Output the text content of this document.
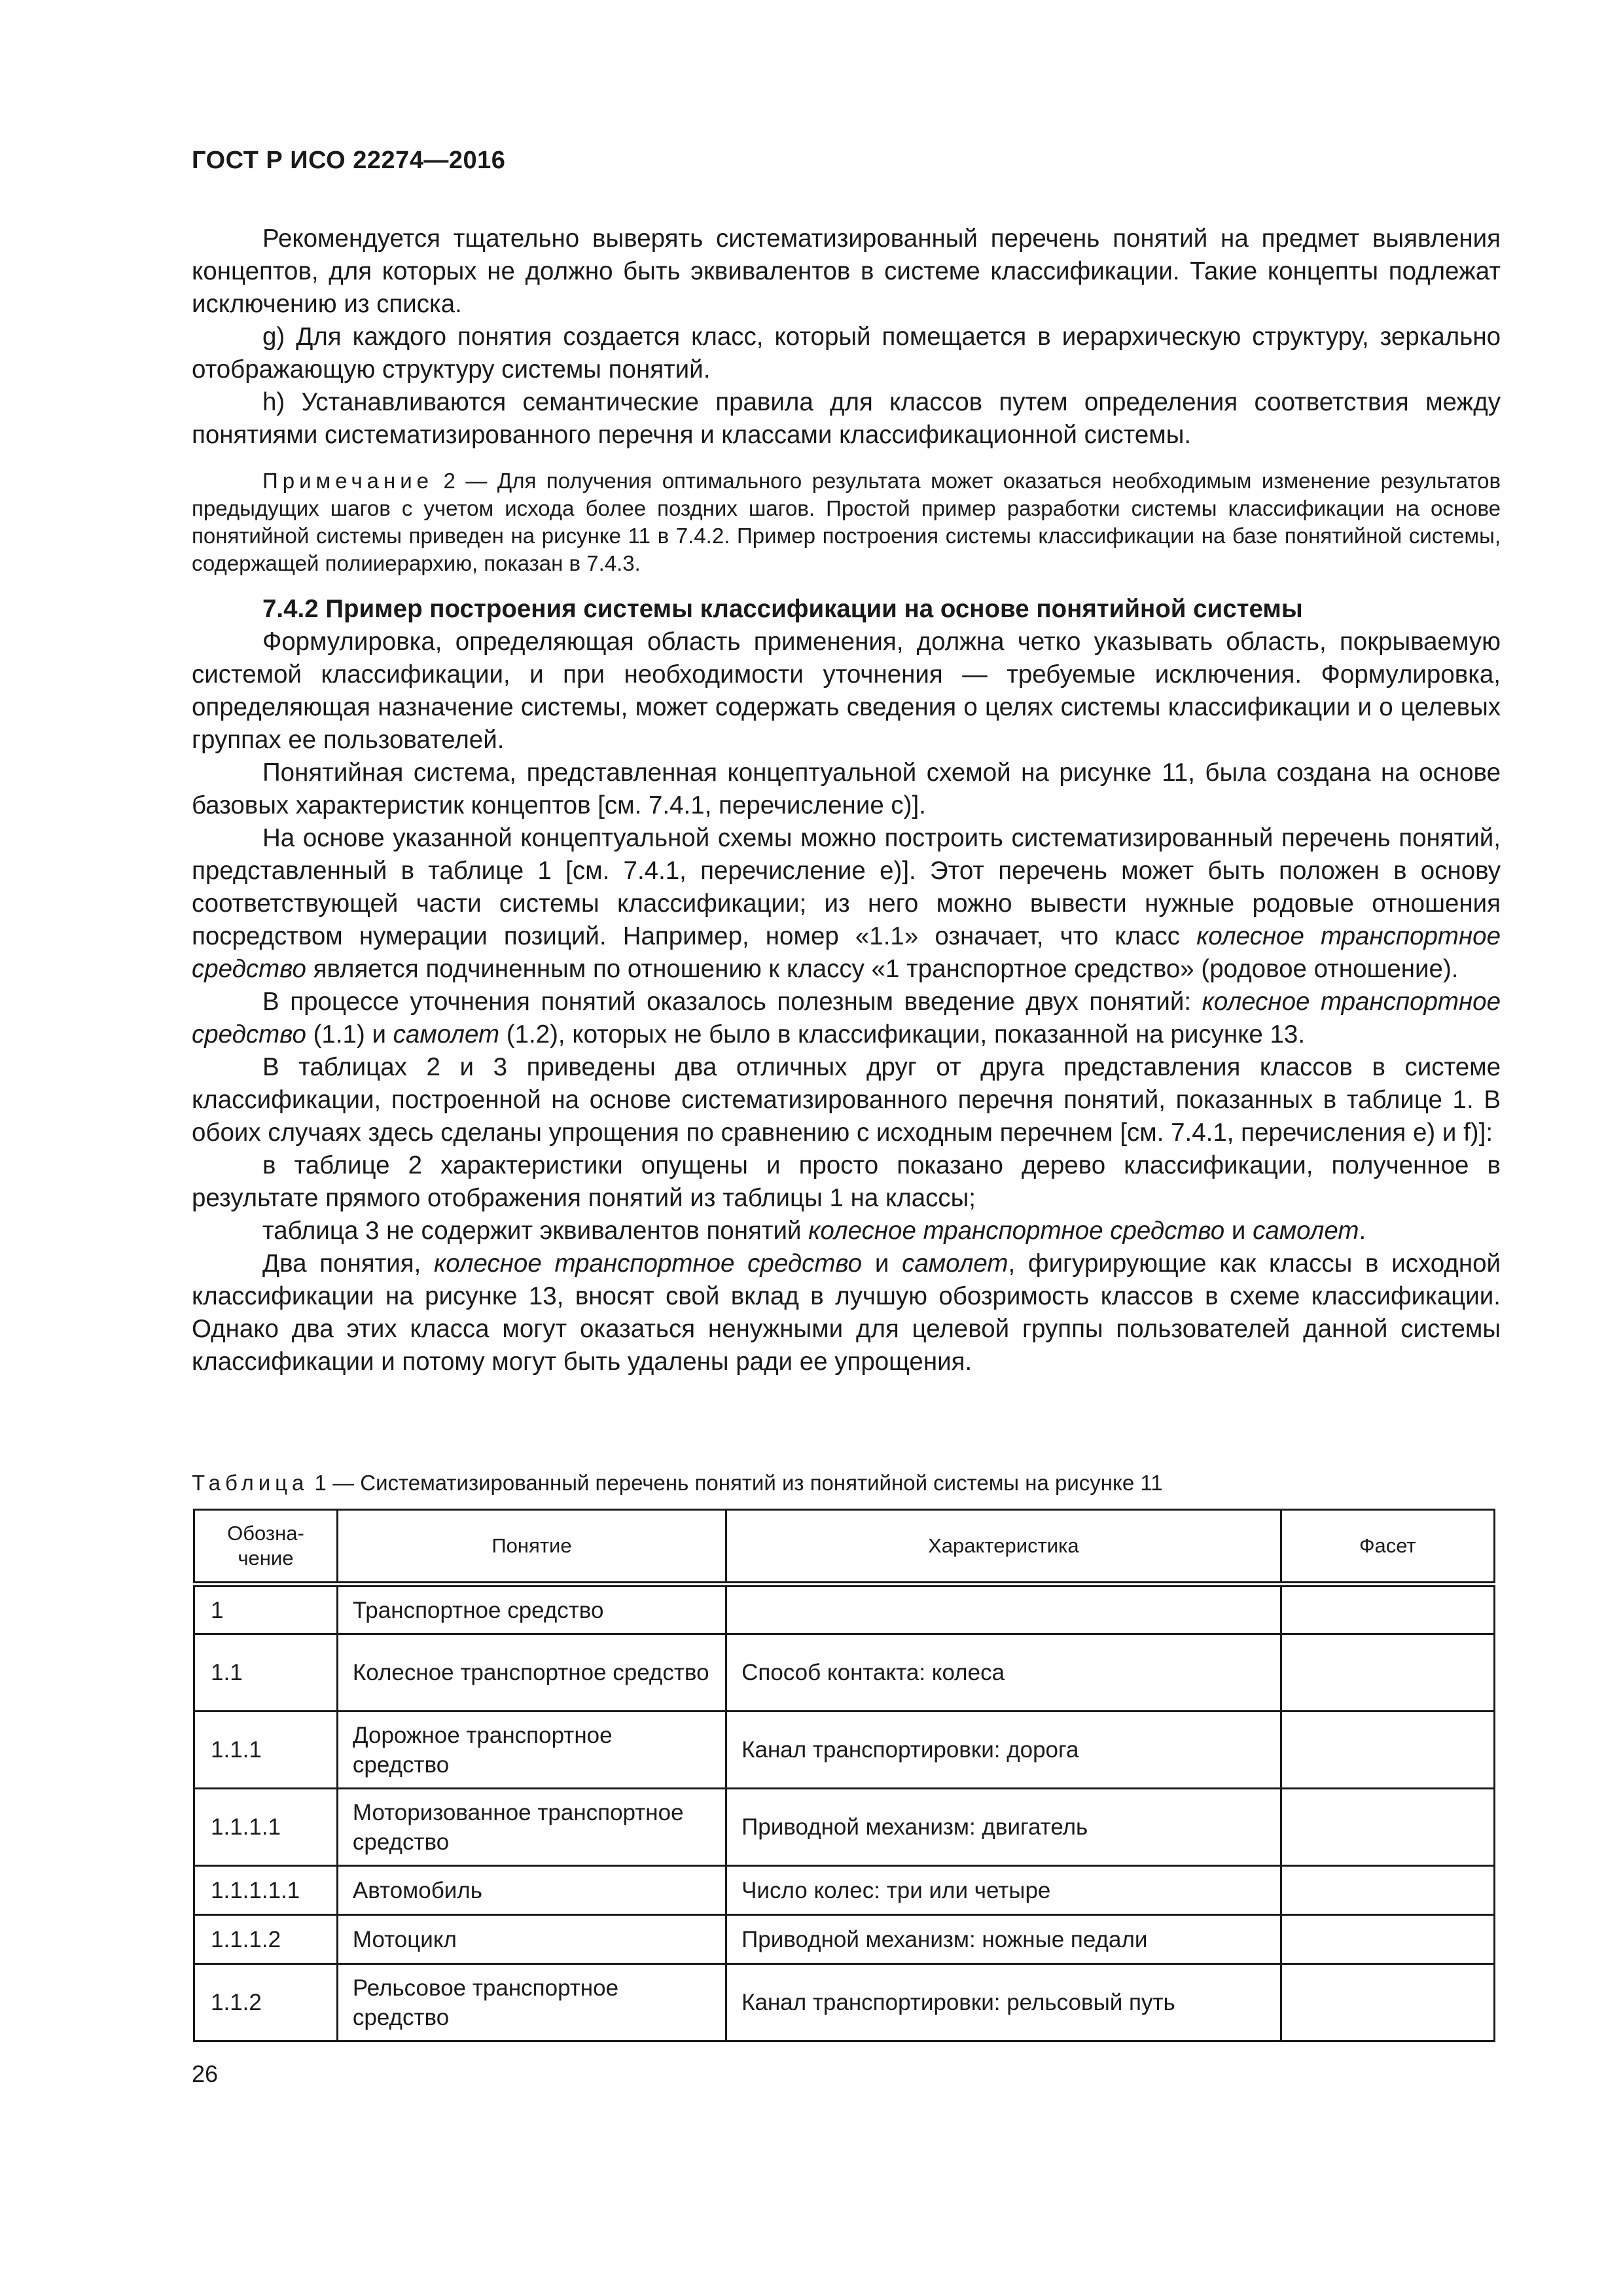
ГОСТ Р ИСО 22274—2016

Рекомендуется тщательно выверять систематизированный перечень понятий на предмет выявления концептов, для которых не должно быть эквивалентов в системе классификации. Такие концепты подлежат исключению из списка.

g) Для каждого понятия создается класс, который помещается в иерархическую структуру, зеркально отображающую структуру системы понятий.

h) Устанавливаются семантические правила для классов путем определения соответствия между понятиями систематизированного перечня и классами классификационной системы.

Примечание 2 — Для получения оптимального результата может оказаться необходимым изменение результатов предыдущих шагов с учетом исхода более поздних шагов. Простой пример разработки системы классификации на основе понятийной системы приведен на рисунке 11 в 7.4.2. Пример построения системы классификации на базе понятийной системы, содержащей полииерархию, показан в 7.4.3.

7.4.2 Пример построения системы классификации на основе понятийной системы

Формулировка, определяющая область применения, должна четко указывать область, покрываемую системой классификации, и при необходимости уточнения — требуемые исключения. Формулировка, определяющая назначение системы, может содержать сведения о целях системы классификации и о целевых группах ее пользователей.

Понятийная система, представленная концептуальной схемой на рисунке 11, была создана на основе базовых характеристик концептов [см. 7.4.1, перечисление с)].

На основе указанной концептуальной схемы можно построить систематизированный перечень понятий, представленный в таблице 1 [см. 7.4.1, перечисление е)]. Этот перечень может быть положен в основу соответствующей части системы классификации; из него можно вывести нужные родовые отношения посредством нумерации позиций. Например, номер «1.1» означает, что класс колесное транспортное средство является подчиненным по отношению к классу «1 транспортное средство» (родовое отношение).

В процессе уточнения понятий оказалось полезным введение двух понятий: колесное транспортное средство (1.1) и самолет (1.2), которых не было в классификации, показанной на рисунке 13.

В таблицах 2 и 3 приведены два отличных друг от друга представления классов в системе классификации, построенной на основе систематизированного перечня понятий, показанных в таблице 1. В обоих случаях здесь сделаны упрощения по сравнению с исходным перечнем [см. 7.4.1, перечисления е) и f)]:

в таблице 2 характеристики опущены и просто показано дерево классификации, полученное в результате прямого отображения понятий из таблицы 1 на классы;

таблица 3 не содержит эквивалентов понятий колесное транспортное средство и самолет.

Два понятия, колесное транспортное средство и самолет, фигурирующие как классы в исходной классификации на рисунке 13, вносят свой вклад в лучшую обозримость классов в схеме классификации. Однако два этих класса могут оказаться ненужными для целевой группы пользователей данной системы классификации и потому могут быть удалены ради ее упрощения.

Таблица 1 — Систематизированный перечень понятий из понятийной системы на рисунке 11
Обозна-
чение	Понятие	Характеристика	Фасет
1	Транспортное средство		
1.1	Колесное транспортное средство	Способ контакта: колеса	
1.1.1	Дорожное транспортное средство	Канал транспортировки: дорога	
1.1.1.1	Моторизованное транспортное средство	Приводной механизм: двигатель	
1.1.1.1.1	Автомобиль	Число колес: три или четыре	
1.1.1.2	Мотоцикл	Приводной механизм: ножные педали	
1.1.2	Рельсовое транспортное средство	Канал транспортировки: рельсовый путь	
26
